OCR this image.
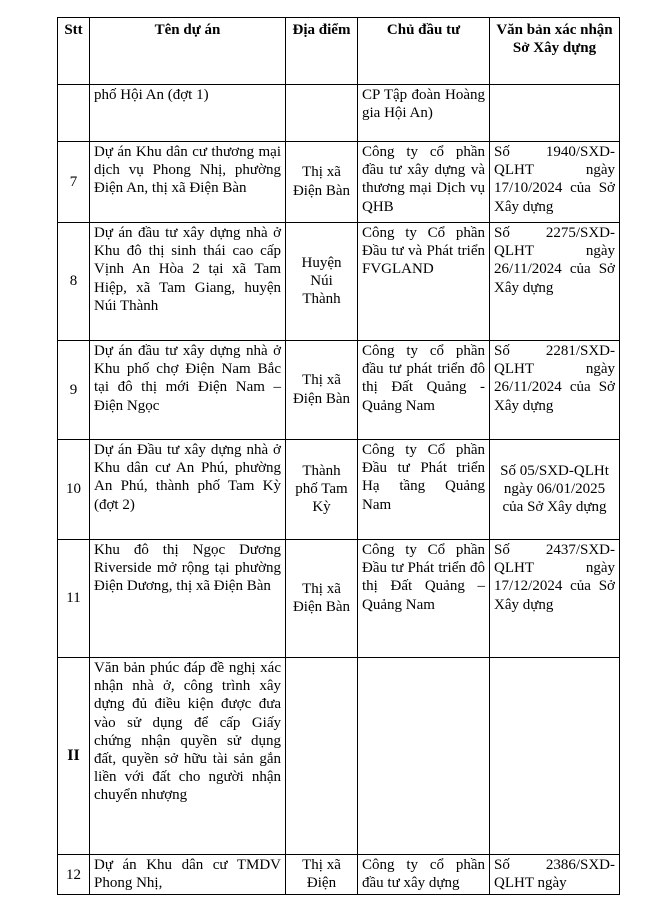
Stt	Tên dự án	Địa điểm	Chủ đầu tư	Văn bản xác nhận Sở Xây dựng
	phố Hội An (đợt 1)		CP Tập đoàn Hoàng gia Hội An)	
7	Dự án Khu dân cư thương mại dịch vụ Phong Nhị, phường Điện An, thị xã Điện Bàn	Thị xã Điện Bàn	Công ty cổ phần đầu tư xây dựng và thương mại Dịch vụ QHB	Số 1940/SXD-QLHT ngày 17/10/2024 của Sở Xây dựng
8	Dự án đầu tư xây dựng nhà ở Khu đô thị sinh thái cao cấp Vịnh An Hòa 2 tại xã Tam Hiệp, xã Tam Giang, huyện Núi Thành	Huyện Núi Thành	Công ty Cổ phần Đầu tư và Phát triển FVGLAND	Số 2275/SXD-QLHT ngày 26/11/2024 của Sở Xây dựng
9	Dự án đầu tư xây dựng nhà ở Khu phố chợ Điện Nam Bắc tại đô thị mới Điện Nam – Điện Ngọc	Thị xã Điện Bàn	Công ty cổ phần đầu tư phát triển đô thị Đất Quảng - Quảng Nam	Số 2281/SXD-QLHT ngày 26/11/2024 của Sở Xây dựng
10	Dự án Đầu tư xây dựng nhà ở Khu dân cư An Phú, phường An Phú, thành phố Tam Kỳ (đợt 2)	Thành phố Tam Kỳ	Công ty Cổ phần Đầu tư Phát triển Hạ tầng Quảng Nam	Số 05/SXD-QLHt ngày 06/01/2025 của Sở Xây dựng
11	Khu đô thị Ngọc Dương Riverside mở rộng tại phường Điện Dương, thị xã Điện Bàn	Thị xã Điện Bàn	Công ty Cổ phần Đầu tư Phát triển đô thị Đất Quảng – Quảng Nam	Số 2437/SXD-QLHT ngày 17/12/2024 của Sở Xây dựng
II	Văn bản phúc đáp đề nghị xác nhận nhà ở, công trình xây dựng đủ điều kiện được đưa vào sử dụng để cấp Giấy chứng nhận quyền sử dụng đất, quyền sở hữu tài sản gắn liền với đất cho người nhận chuyển nhượng			
12	Dự án Khu dân cư TMDV Phong Nhị,	Thị xã Điện	Công ty cổ phần đầu tư xây dựng	Số 2386/SXD-QLHT ngày
